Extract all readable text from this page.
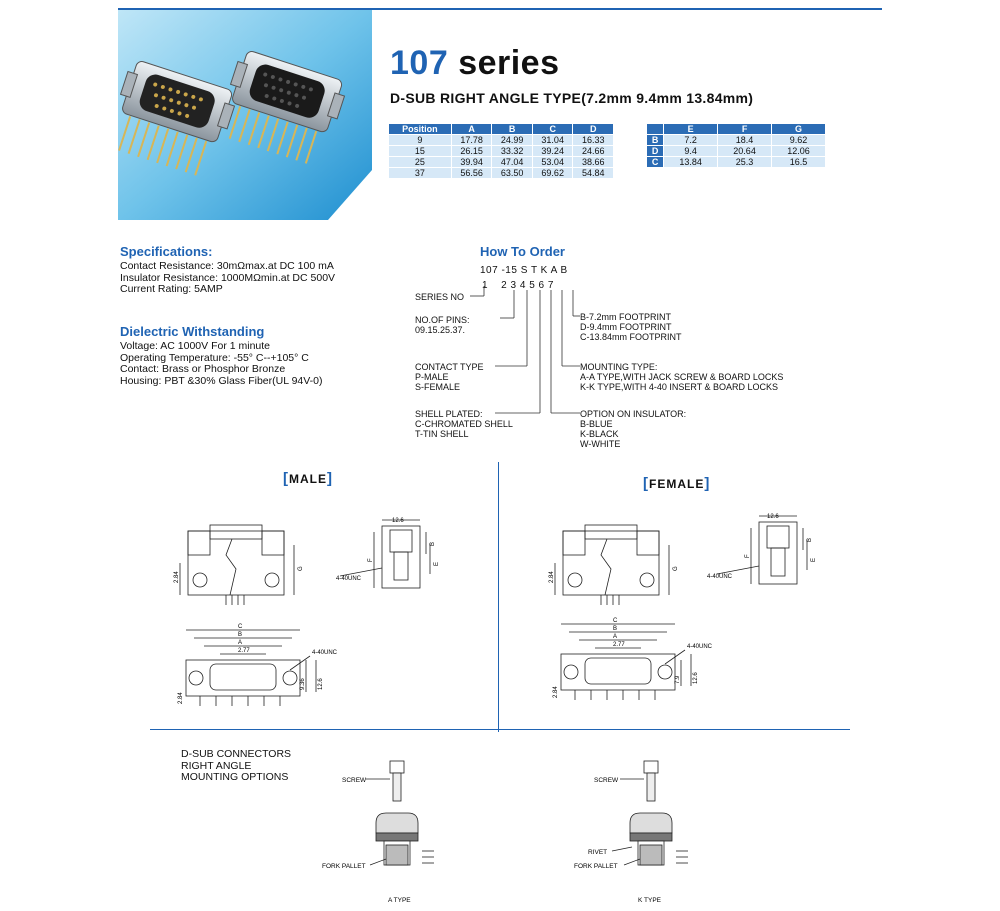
107 series
D-SUB RIGHT ANGLE TYPE(7.2mm 9.4mm 13.84mm)
Position	A	B	C	D
9	17.78	24.99	31.04	16.33
15	26.15	33.32	39.24	24.66
25	39.94	47.04	53.04	38.66
37	56.56	63.50	69.62	54.84
	E	F	G
B	7.2	18.4	9.62
D	9.4	20.64	12.06
C	13.84	25.3	16.5
Specifications:
Contact Resistance: 30mΩmax.at DC 100 mA
Insulator Resistance: 1000MΩmin.at DC 500V
Current Rating: 5AMP
Dielectric Withstanding
Voltage: AC 1000V For 1 minute
Operating Temperature: -55° C--+105° C
Contact: Brass or Phosphor Bronze
Housing: PBT &30% Glass Fiber(UL 94V-0)
How To Order
107 -15 S T K A B
1    2 3 4 5 6 7
SERIES NO
NO.OF PINS:
09.15.25.37.
CONTACT TYPE
P-MALE
S-FEMALE
SHELL PLATED:
C-CHROMATED SHELL
T-TIN SHELL
B-7.2mm FOOTPRINT
D-9.4mm FOOTPRINT
C-13.84mm FOOTPRINT
MOUNTING TYPE:
A-A TYPE,WITH JACK SCREW & BOARD LOCKS
K-K TYPE,WITH 4-40 INSERT & BOARD LOCKS
OPTION ON INSULATOR:
B-BLUE
K-BLACK
W-WHITE
[MALE]	[FEMALE]
2.84
G
12.6
F
B
E
4-40UNC
C
B
A
2.77	4-40UNC
9.36 12.6
2.84
2.84
G
12.6
F
B
E
4-40UNC
C
B
A
2.77	4-40UNC
7.9 12.6
2.84
D-SUB CONNECTORS
RIGHT ANGLE
MOUNTING OPTIONS	SCREW
FORK PALLET
A TYPE
SCREW
RIVET
FORK PALLET
K TYPE
